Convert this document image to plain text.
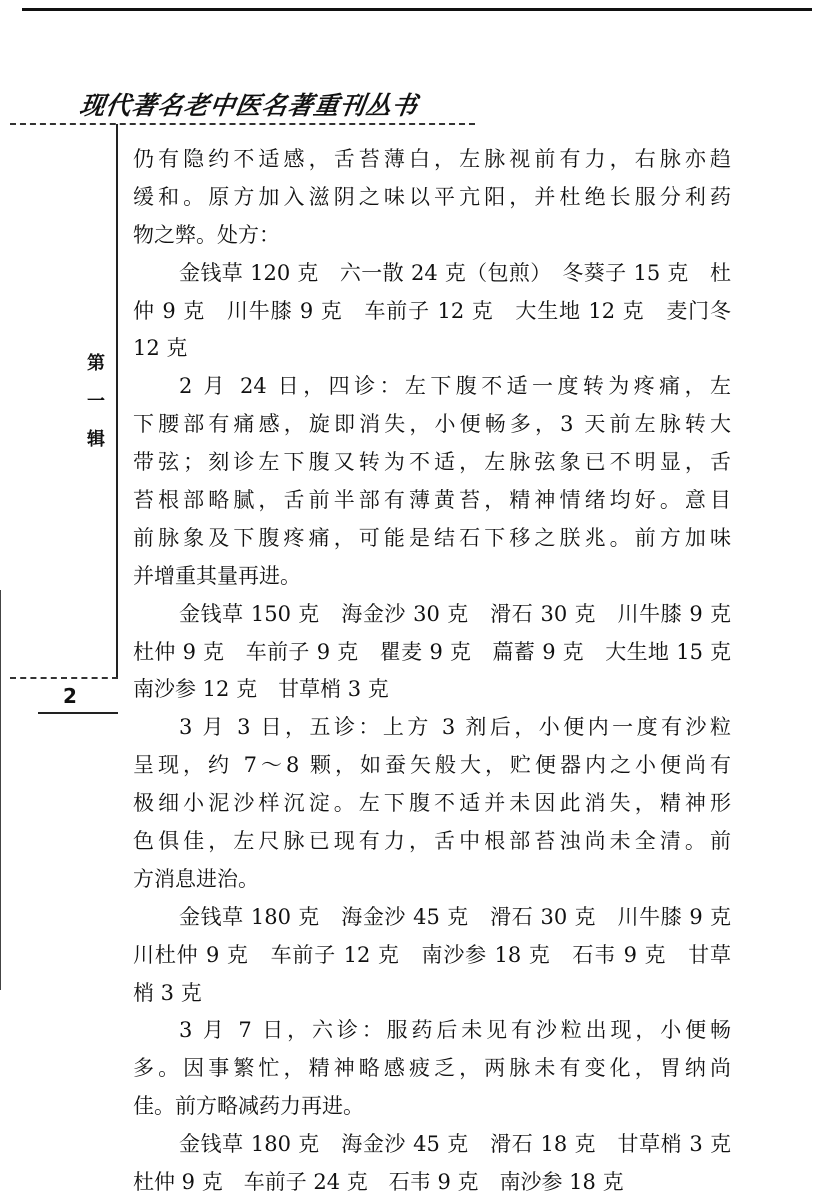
现代著名老中医名著重刊丛书
第
一
辑
2
仍有隐约不适感，舌苔薄白，左脉视前有力，右脉亦趋
缓和。原方加入滋阴之味以平亢阳，并杜绝长服分利药
物之弊。处方：
金钱草 120 克　六一散 24 克（包煎）　冬葵子 15 克　杜
仲 9 克　川牛膝 9 克　车前子 12 克　大生地 12 克　麦门冬
12 克
2 月 24 日，四诊：左下腹不适一度转为疼痛，左
下腰部有痛感，旋即消失，小便畅多，3 天前左脉转大
带弦；刻诊左下腹又转为不适，左脉弦象已不明显，舌
苔根部略腻，舌前半部有薄黄苔，精神情绪均好。意目
前脉象及下腹疼痛，可能是结石下移之朕兆。前方加味
并增重其量再进。
金钱草 150 克　海金沙 30 克　滑石 30 克　川牛膝 9 克
杜仲 9 克　车前子 9 克　瞿麦 9 克　萹蓄 9 克　大生地 15 克
南沙参 12 克　甘草梢 3 克
3 月 3 日，五诊：上方 3 剂后，小便内一度有沙粒
呈现，约 7～8 颗，如蚕矢般大，贮便器内之小便尚有
极细小泥沙样沉淀。左下腹不适并未因此消失，精神形
色俱佳，左尺脉已现有力，舌中根部苔浊尚未全清。前
方消息进治。
金钱草 180 克　海金沙 45 克　滑石 30 克　川牛膝 9 克
川杜仲 9 克　车前子 12 克　南沙参 18 克　石韦 9 克　甘草
梢 3 克
3 月 7 日，六诊：服药后未见有沙粒出现，小便畅
多。因事繁忙，精神略感疲乏，两脉未有变化，胃纳尚
佳。前方略减药力再进。
金钱草 180 克　海金沙 45 克　滑石 18 克　甘草梢 3 克
杜仲 9 克　车前子 24 克　石韦 9 克　南沙参 18 克
